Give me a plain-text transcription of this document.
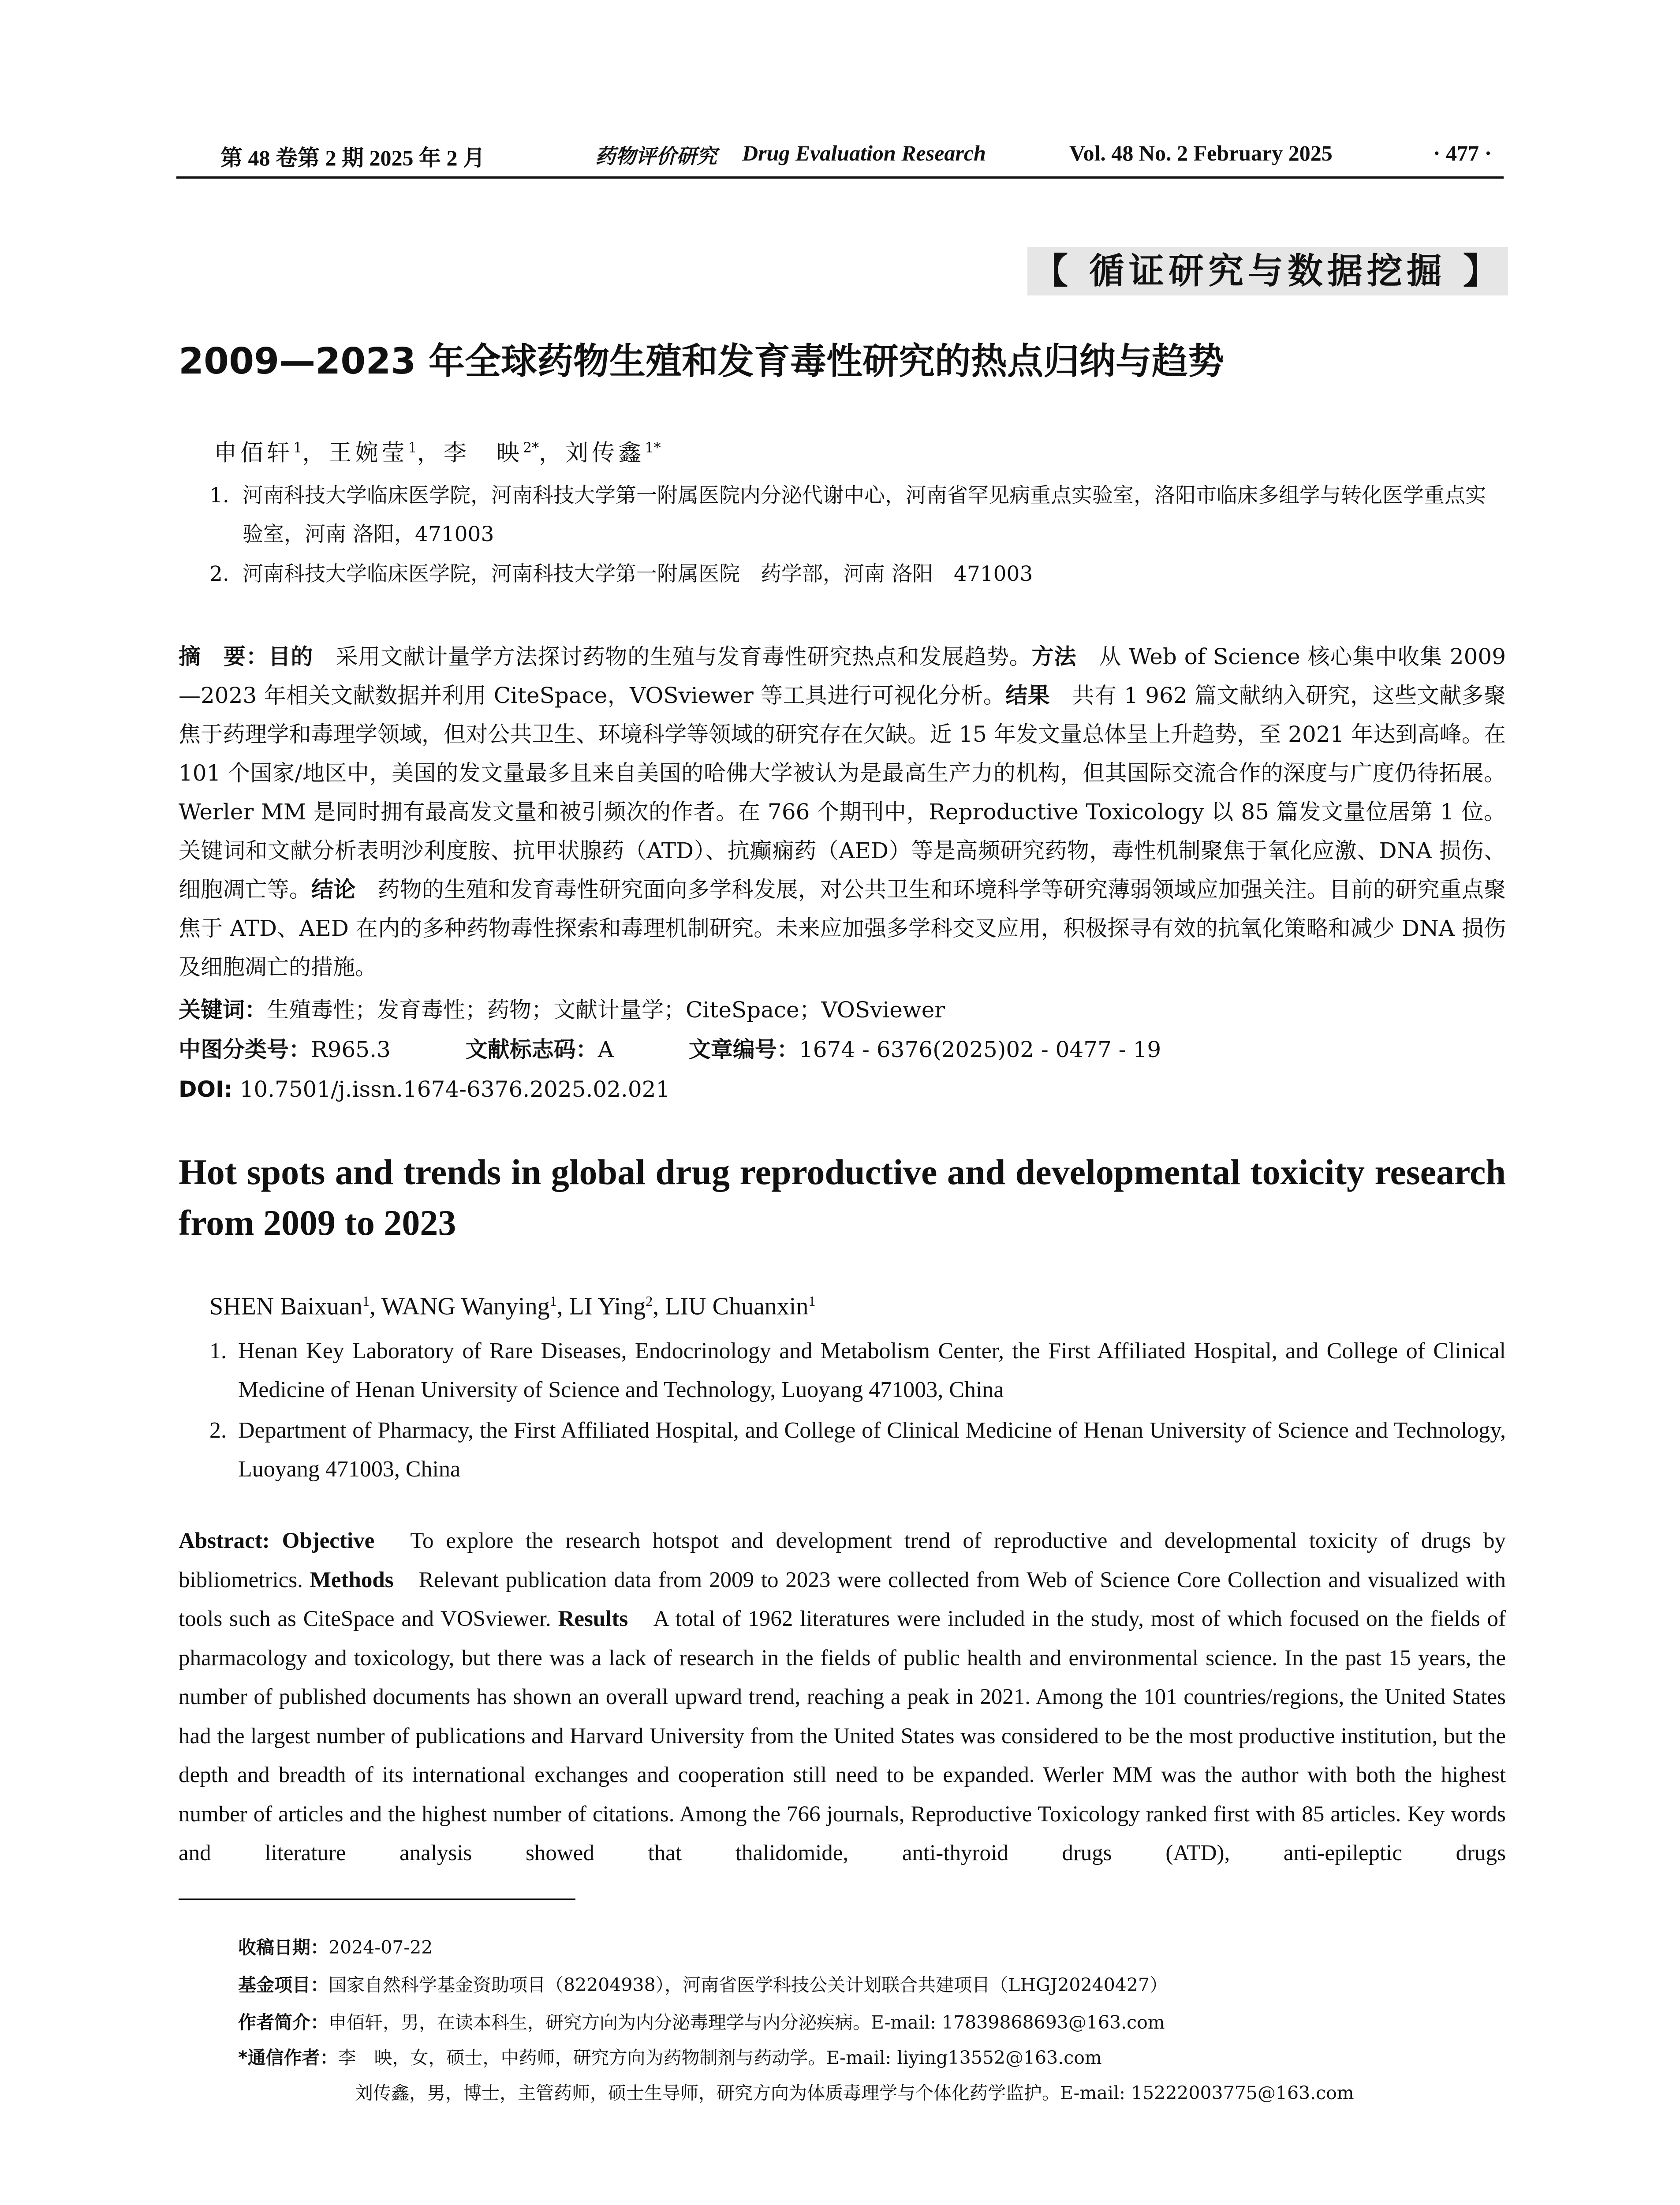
第 48 卷第 2 期 2025 年 2 月	药物评价研究 Drug Evaluation Research	Vol. 48 No. 2 February 2025	· 477 ·
【 循证研究与数据挖掘 】
2009—2023 年全球药物生殖和发育毒性研究的热点归纳与趋势
申佰轩$^1$，王婉莹$^1$，李　映$^{2*}$，刘传鑫$^{1*}$
1. 河南科技大学临床医学院，河南科技大学第一附属医院内分泌代谢中心，河南省罕见病重点实验室，洛阳市临床多组学与转化医学重点实验室，河南 洛阳，471003
2. 河南科技大学临床医学院，河南科技大学第一附属医院　药学部，河南 洛阳　471003
摘　要：目的　采用文献计量学方法探讨药物的生殖与发育毒性研究热点和发展趋势。方法　从 Web of Science 核心集中收集 2009—2023 年相关文献数据并利用 CiteSpace，VOSviewer 等工具进行可视化分析。结果　共有 1 962 篇文献纳入研究，这些文献多聚焦于药理学和毒理学领域，但对公共卫生、环境科学等领域的研究存在欠缺。近 15 年发文量总体呈上升趋势，至 2021 年达到高峰。在 101 个国家/地区中，美国的发文量最多且来自美国的哈佛大学被认为是最高生产力的机构，但其国际交流合作的深度与广度仍待拓展。Werler MM 是同时拥有最高发文量和被引频次的作者。在 766 个期刊中，Reproductive Toxicology 以 85 篇发文量位居第 1 位。关键词和文献分析表明沙利度胺、抗甲状腺药（ATD）、抗癫痫药（AED）等是高频研究药物，毒性机制聚焦于氧化应激、DNA 损伤、细胞凋亡等。结论　药物的生殖和发育毒性研究面向多学科发展，对公共卫生和环境科学等研究薄弱领域应加强关注。目前的研究重点聚焦于 ATD、AED 在内的多种药物毒性探索和毒理机制研究。未来应加强多学科交叉应用，积极探寻有效的抗氧化策略和减少 DNA 损伤及细胞凋亡的措施。
关键词：生殖毒性；发育毒性；药物；文献计量学；CiteSpace；VOSviewer
中图分类号：R965.3	文献标志码：A	文章编号：1674 - 6376(2025)02 - 0477 - 19
DOI: 10.7501/j.issn.1674-6376.2025.02.021
Hot spots and trends in global drug reproductive and developmental toxicity research from 2009 to 2023
SHEN Baixuan$^1$, WANG Wanying$^1$, LI Ying$^2$, LIU Chuanxin$^1$
1. Henan Key Laboratory of Rare Diseases, Endocrinology and Metabolism Center, the First Affiliated Hospital, and College of Clinical Medicine of Henan University of Science and Technology, Luoyang 471003, China
2. Department of Pharmacy, the First Affiliated Hospital, and College of Clinical Medicine of Henan University of Science and Technology, Luoyang 471003, China
Abstract: Objective　To explore the research hotspot and development trend of reproductive and developmental toxicity of drugs by bibliometrics. Methods　Relevant publication data from 2009 to 2023 were collected from Web of Science Core Collection and visualized with tools such as CiteSpace and VOSviewer. Results　A total of 1962 literatures were included in the study, most of which focused on the fields of pharmacology and toxicology, but there was a lack of research in the fields of public health and environmental science. In the past 15 years, the number of published documents has shown an overall upward trend, reaching a peak in 2021. Among the 101 countries/regions, the United States had the largest number of publications and Harvard University from the United States was considered to be the most productive institution, but the depth and breadth of its international exchanges and cooperation still need to be expanded. Werler MM was the author with both the highest number of articles and the highest number of citations. Among the 766 journals, Reproductive Toxicology ranked first with 85 articles. Key words and literature analysis showed that thalidomide, anti-thyroid drugs (ATD), anti-epileptic drugs
收稿日期：2024-07-22
基金项目：国家自然科学基金资助项目（82204938），河南省医学科技公关计划联合共建项目（LHGJ20240427）
作者简介：申佰轩，男，在读本科生，研究方向为内分泌毒理学与内分泌疾病。E-mail: 17839868693@163.com
*通信作者：李　映，女，硕士，中药师，研究方向为药物制剂与药动学。E-mail: liying13552@163.com
刘传鑫，男，博士，主管药师，硕士生导师，研究方向为体质毒理学与个体化药学监护。E-mail: 15222003775@163.com
